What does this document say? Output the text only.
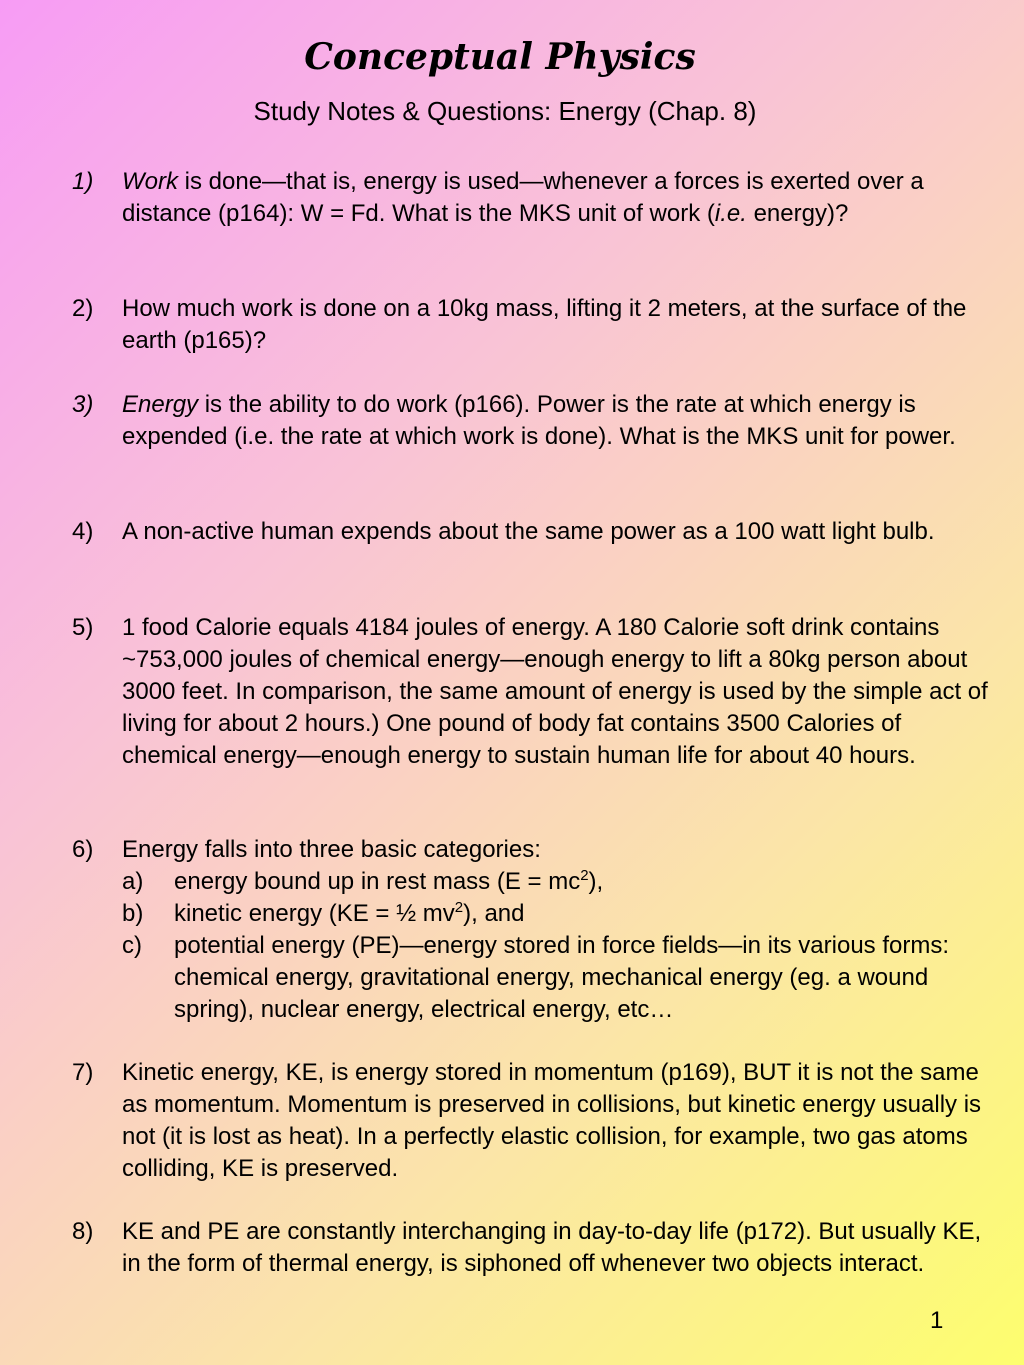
Conceptual Physics
Study Notes & Questions: Energy (Chap. 8)
1) Work is done—that is, energy is used—whenever a forces is exerted over a distance (p164): W = Fd. What is the MKS unit of work (i.e. energy)?
2) How much work is done on a 10kg mass, lifting it 2 meters, at the surface of the earth (p165)?
3) Energy is the ability to do work (p166). Power is the rate at which energy is expended (i.e. the rate at which work is done). What is the MKS unit for power.
4) A non-active human expends about the same power as a 100 watt light bulb.
5) 1 food Calorie equals 4184 joules of energy. A 180 Calorie soft drink contains ~753,000 joules of chemical energy—enough energy to lift a 80kg person about 3000 feet. In comparison, the same amount of energy is used by the simple act of living for about 2 hours.) One pound of body fat contains 3500 Calories of chemical energy—enough energy to sustain human life for about 40 hours.
6) Energy falls into three basic categories:
a) energy bound up in rest mass $(E = mc^2)$,
b) kinetic energy (KE = ½ $mv^2$), and
c) potential energy (PE)—energy stored in force fields—in its various forms: chemical energy, gravitational energy, mechanical energy (eg. a wound spring), nuclear energy, electrical energy, etc…
7) Kinetic energy, KE, is energy stored in momentum (p169), BUT it is not the same as momentum. Momentum is preserved in collisions, but kinetic energy usually is not (it is lost as heat). In a perfectly elastic collision, for example, two gas atoms colliding, KE is preserved.
8) KE and PE are constantly interchanging in day-to-day life (p172). But usually KE, in the form of thermal energy, is siphoned off whenever two objects interact.
1
